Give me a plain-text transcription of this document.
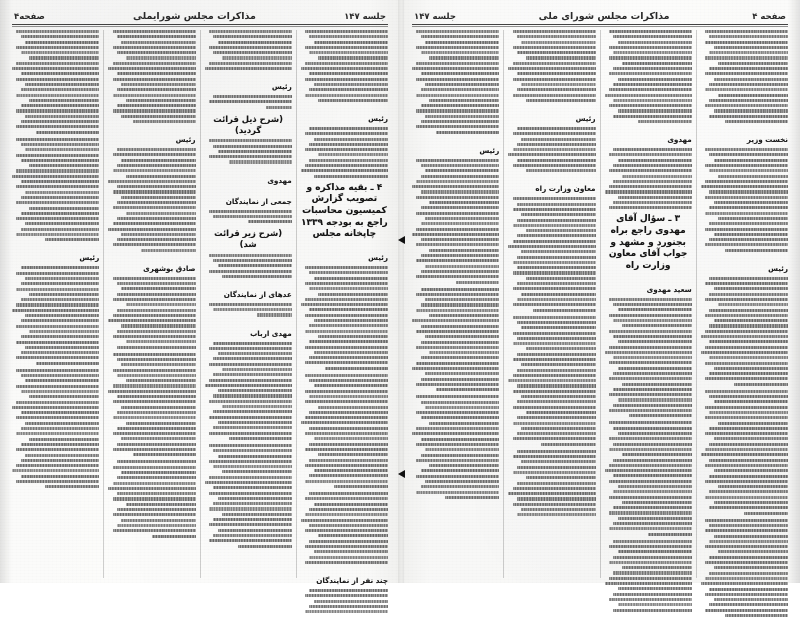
صفحه ۴
مذاکرات مجلس شورای ملی
جلسه ۱۴۷
نخست وزیر
رئیس
مهدوی
۳ ـ سؤال آقای مهدوی راجع براه بجنورد و مشهد و جواب آقای معاون وزارت راه
سعید مهدوی
رئیس
معاون وزارت راه
رئیس
جلسه ۱۴۷
مذاکرات مجلس شورایملی
صفحه۴
رئیس
۴ ـ بقیه مذاکره و تصویب گزارش کمیسیون محاسبات راجع به بودجه ۱۳۳۹ چاپخانه مجلس
رئیس
چند نفر از نمایندگان
رئیس
(شرح ذیل قرائت گردید)
مهدوی
جمعی از نمایندگان
(شرح زیر قرائت شد)
عدهای از نمایندگان
مهدی ارباب
رئیس
صادق بوشهری
رئیس
